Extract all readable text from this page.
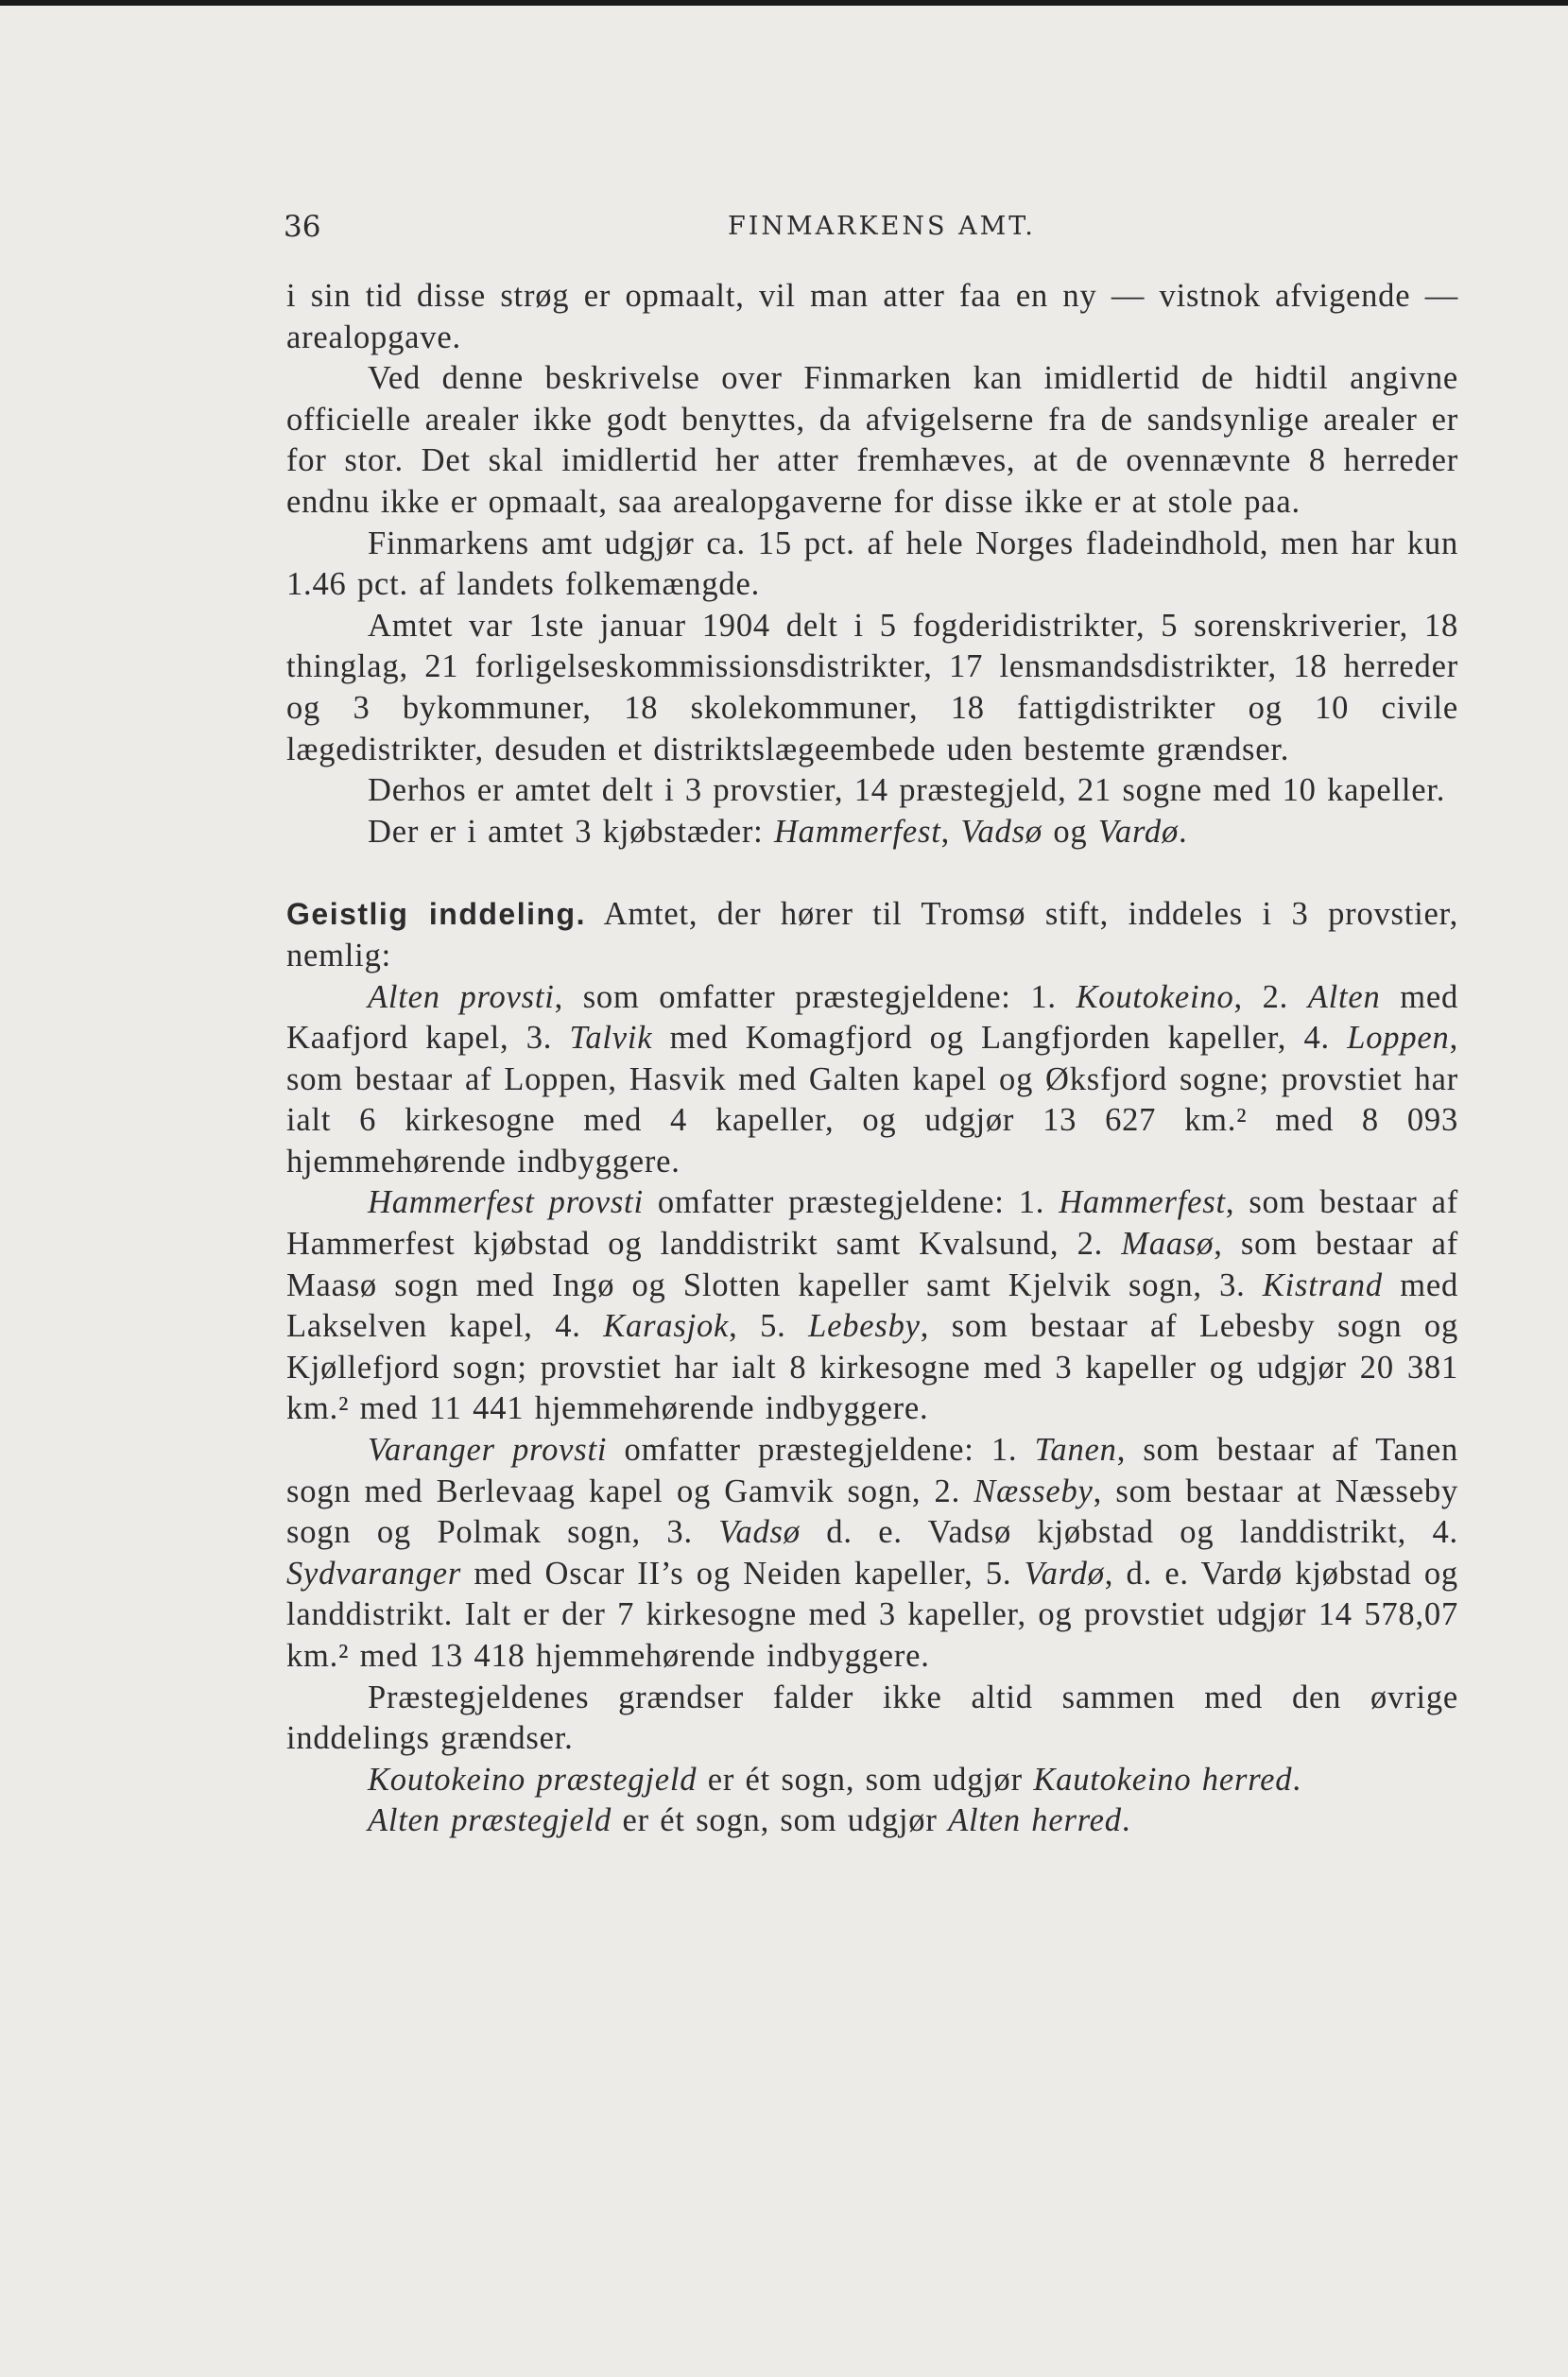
36	FINMARKENS AMT.

i sin tid disse strøg er opmaalt, vil man atter faa en ny — vistnok afvigende — arealopgave.

Ved denne beskrivelse over Finmarken kan imidlertid de hidtil angivne officielle arealer ikke godt benyttes, da afvigelserne fra de sandsynlige arealer er for stor. Det skal imidlertid her atter fremhæves, at de ovennævnte 8 herreder endnu ikke er opmaalt, saa arealopgaverne for disse ikke er at stole paa.

Finmarkens amt udgjør ca. 15 pct. af hele Norges fladeindhold, men har kun 1.46 pct. af landets folkemængde.

Amtet var 1ste januar 1904 delt i 5 fogderidistrikter, 5 sorenskriverier, 18 thinglag, 21 forligelseskommissionsdistrikter, 17 lensmandsdistrikter, 18 herreder og 3 bykommuner, 18 skolekommuner, 18 fattigdistrikter og 10 civile lægedistrikter, desuden et distriktslægeembede uden bestemte grændser.

Derhos er amtet delt i 3 provstier, 14 præstegjeld, 21 sogne med 10 kapeller.

Der er i amtet 3 kjøbstæder: Hammerfest, Vadsø og Vardø.

Geistlig inddeling. Amtet, der hører til Tromsø stift, inddeles i 3 provstier, nemlig:

Alten provsti, som omfatter præstegjeldene: 1. Koutokeino, 2. Alten med Kaafjord kapel, 3. Talvik med Komagfjord og Langfjorden kapeller, 4. Loppen, som bestaar af Loppen, Hasvik med Galten kapel og Øksfjord sogne; provstiet har ialt 6 kirkesogne med 4 kapeller, og udgjør 13 627 km.² med 8 093 hjemmehørende indbyggere.

Hammerfest provsti omfatter præstegjeldene: 1. Hammerfest, som bestaar af Hammerfest kjøbstad og landdistrikt samt Kvalsund, 2. Maasø, som bestaar af Maasø sogn med Ingø og Slotten kapeller samt Kjelvik sogn, 3. Kistrand med Lakselven kapel, 4. Karasjok, 5. Lebesby, som bestaar af Lebesby sogn og Kjøllefjord sogn; provstiet har ialt 8 kirkesogne med 3 kapeller og udgjør 20 381 km.² med 11 441 hjemmehørende indbyggere.

Varanger provsti omfatter præstegjeldene: 1. Tanen, som bestaar af Tanen sogn med Berlevaag kapel og Gamvik sogn, 2. Næsseby, som bestaar at Næsseby sogn og Polmak sogn, 3. Vadsø d. e. Vadsø kjøbstad og landdistrikt, 4. Sydvaranger med Oscar II’s og Neiden kapeller, 5. Vardø, d. e. Vardø kjøbstad og landdistrikt. Ialt er der 7 kirkesogne med 3 kapeller, og provstiet udgjør 14 578,07 km.² med 13 418 hjemmehørende indbyggere.

Præstegjeldenes grændser falder ikke altid sammen med den øvrige inddelings grændser.

Koutokeino præstegjeld er ét sogn, som udgjør Kautokeino herred.

Alten præstegjeld er ét sogn, som udgjør Alten herred.
